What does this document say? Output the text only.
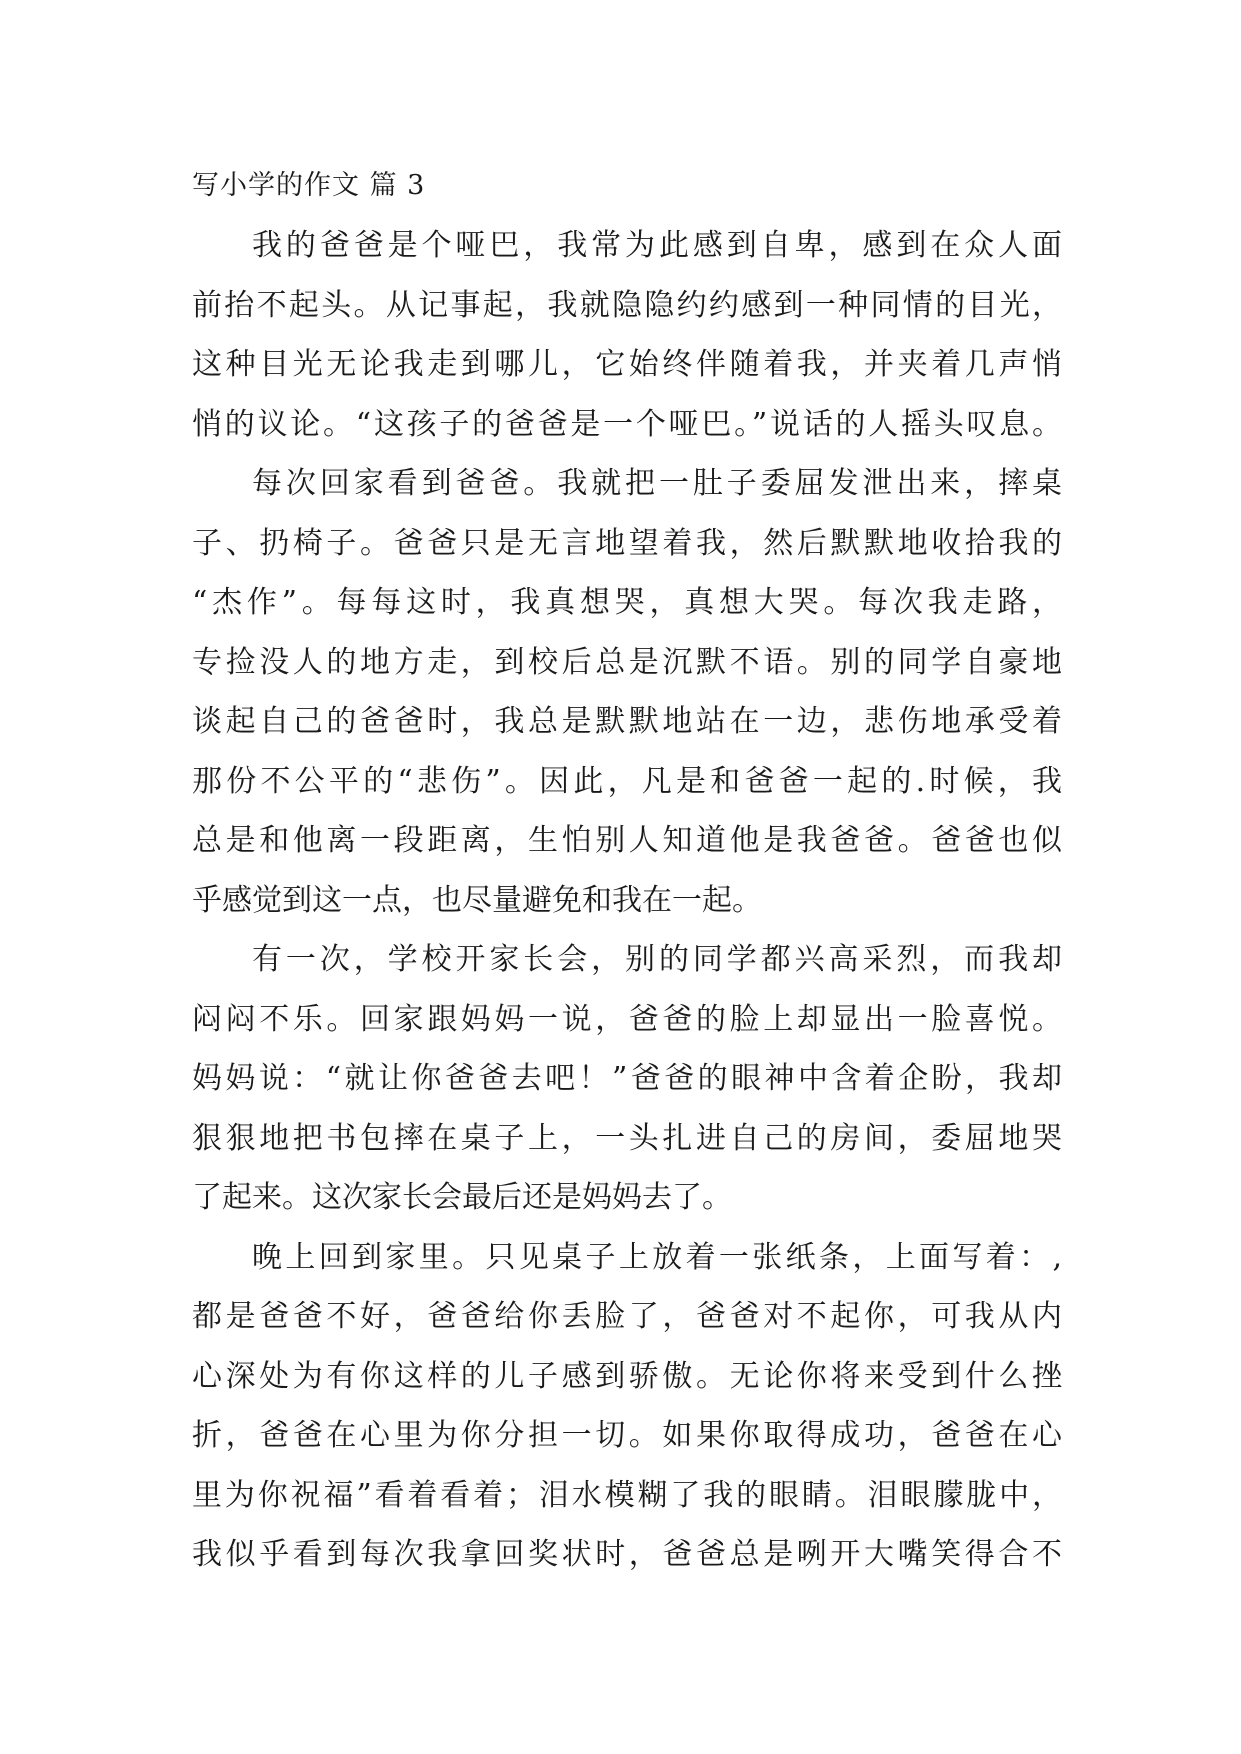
写小学的作文 篇 3

我的爸爸是个哑巴，我常为此感到自卑，感到在众人面
前抬不起头。从记事起，我就隐隐约约感到一种同情的目光，
这种目光无论我走到哪儿，它始终伴随着我，并夹着几声悄
悄的议论。“这孩子的爸爸是一个哑巴。”说话的人摇头叹息。

每次回家看到爸爸。我就把一肚子委屈发泄出来，摔桌
子、扔椅子。爸爸只是无言地望着我，然后默默地收拾我的
“杰作”。每每这时，我真想哭，真想大哭。每次我走路，
专捡没人的地方走，到校后总是沉默不语。别的同学自豪地
谈起自己的爸爸时，我总是默默地站在一边，悲伤地承受着
那份不公平的“悲伤”。因此，凡是和爸爸一起的.时候，我
总是和他离一段距离，生怕别人知道他是我爸爸。爸爸也似
乎感觉到这一点，也尽量避免和我在一起。

有一次，学校开家长会，别的同学都兴高采烈，而我却
闷闷不乐。回家跟妈妈一说，爸爸的脸上却显出一脸喜悦。
妈妈说：“就让你爸爸去吧！”爸爸的眼神中含着企盼，我却
狠狠地把书包摔在桌子上，一头扎进自己的房间，委屈地哭
了起来。这次家长会最后还是妈妈去了。

晚上回到家里。只见桌子上放着一张纸条，上面写着：,
都是爸爸不好，爸爸给你丢脸了，爸爸对不起你，可我从内
心深处为有你这样的儿子感到骄傲。无论你将来受到什么挫
折，爸爸在心里为你分担一切。如果你取得成功，爸爸在心
里为你祝福”看着看着；泪水模糊了我的眼睛。泪眼朦胧中，
我似乎看到每次我拿回奖状时，爸爸总是咧开大嘴笑得合不
